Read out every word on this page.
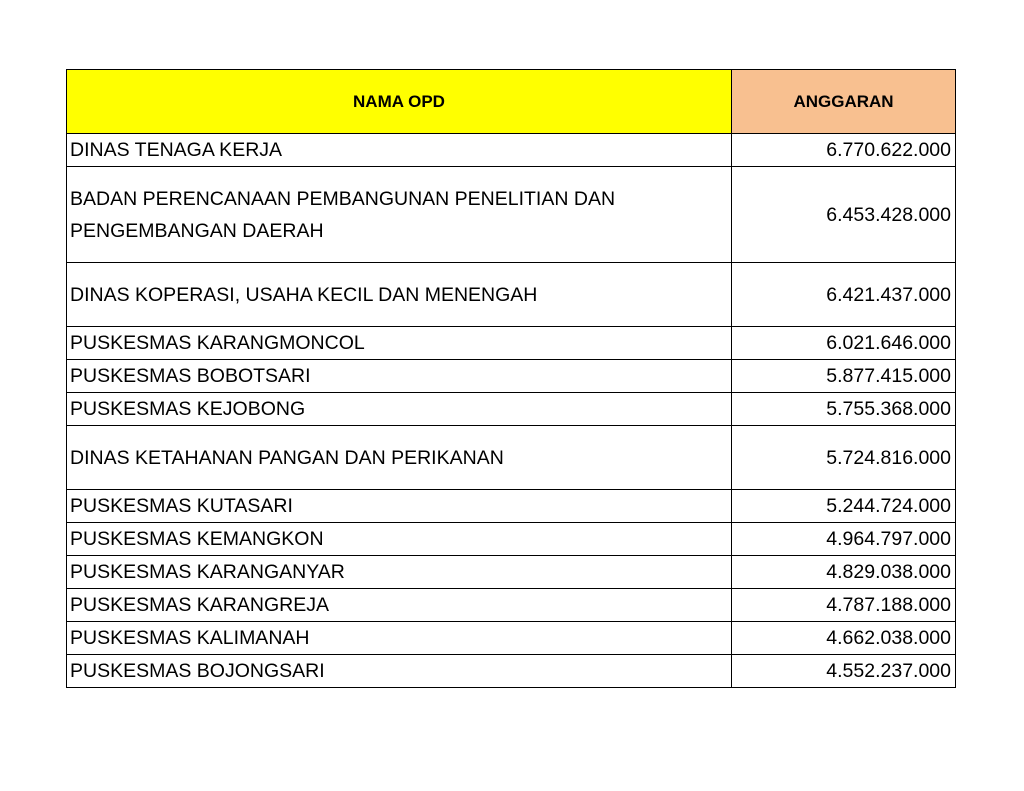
NAMA OPD	ANGGARAN
DINAS TENAGA KERJA	6.770.622.000
BADAN PERENCANAAN PEMBANGUNAN PENELITIAN DAN PENGEMBANGAN DAERAH	6.453.428.000
DINAS KOPERASI, USAHA KECIL DAN MENENGAH	6.421.437.000
PUSKESMAS KARANGMONCOL	6.021.646.000
PUSKESMAS BOBOTSARI	5.877.415.000
PUSKESMAS KEJOBONG	5.755.368.000
DINAS KETAHANAN PANGAN DAN PERIKANAN	5.724.816.000
PUSKESMAS KUTASARI	5.244.724.000
PUSKESMAS KEMANGKON	4.964.797.000
PUSKESMAS KARANGANYAR	4.829.038.000
PUSKESMAS KARANGREJA	4.787.188.000
PUSKESMAS KALIMANAH	4.662.038.000
PUSKESMAS BOJONGSARI	4.552.237.000
